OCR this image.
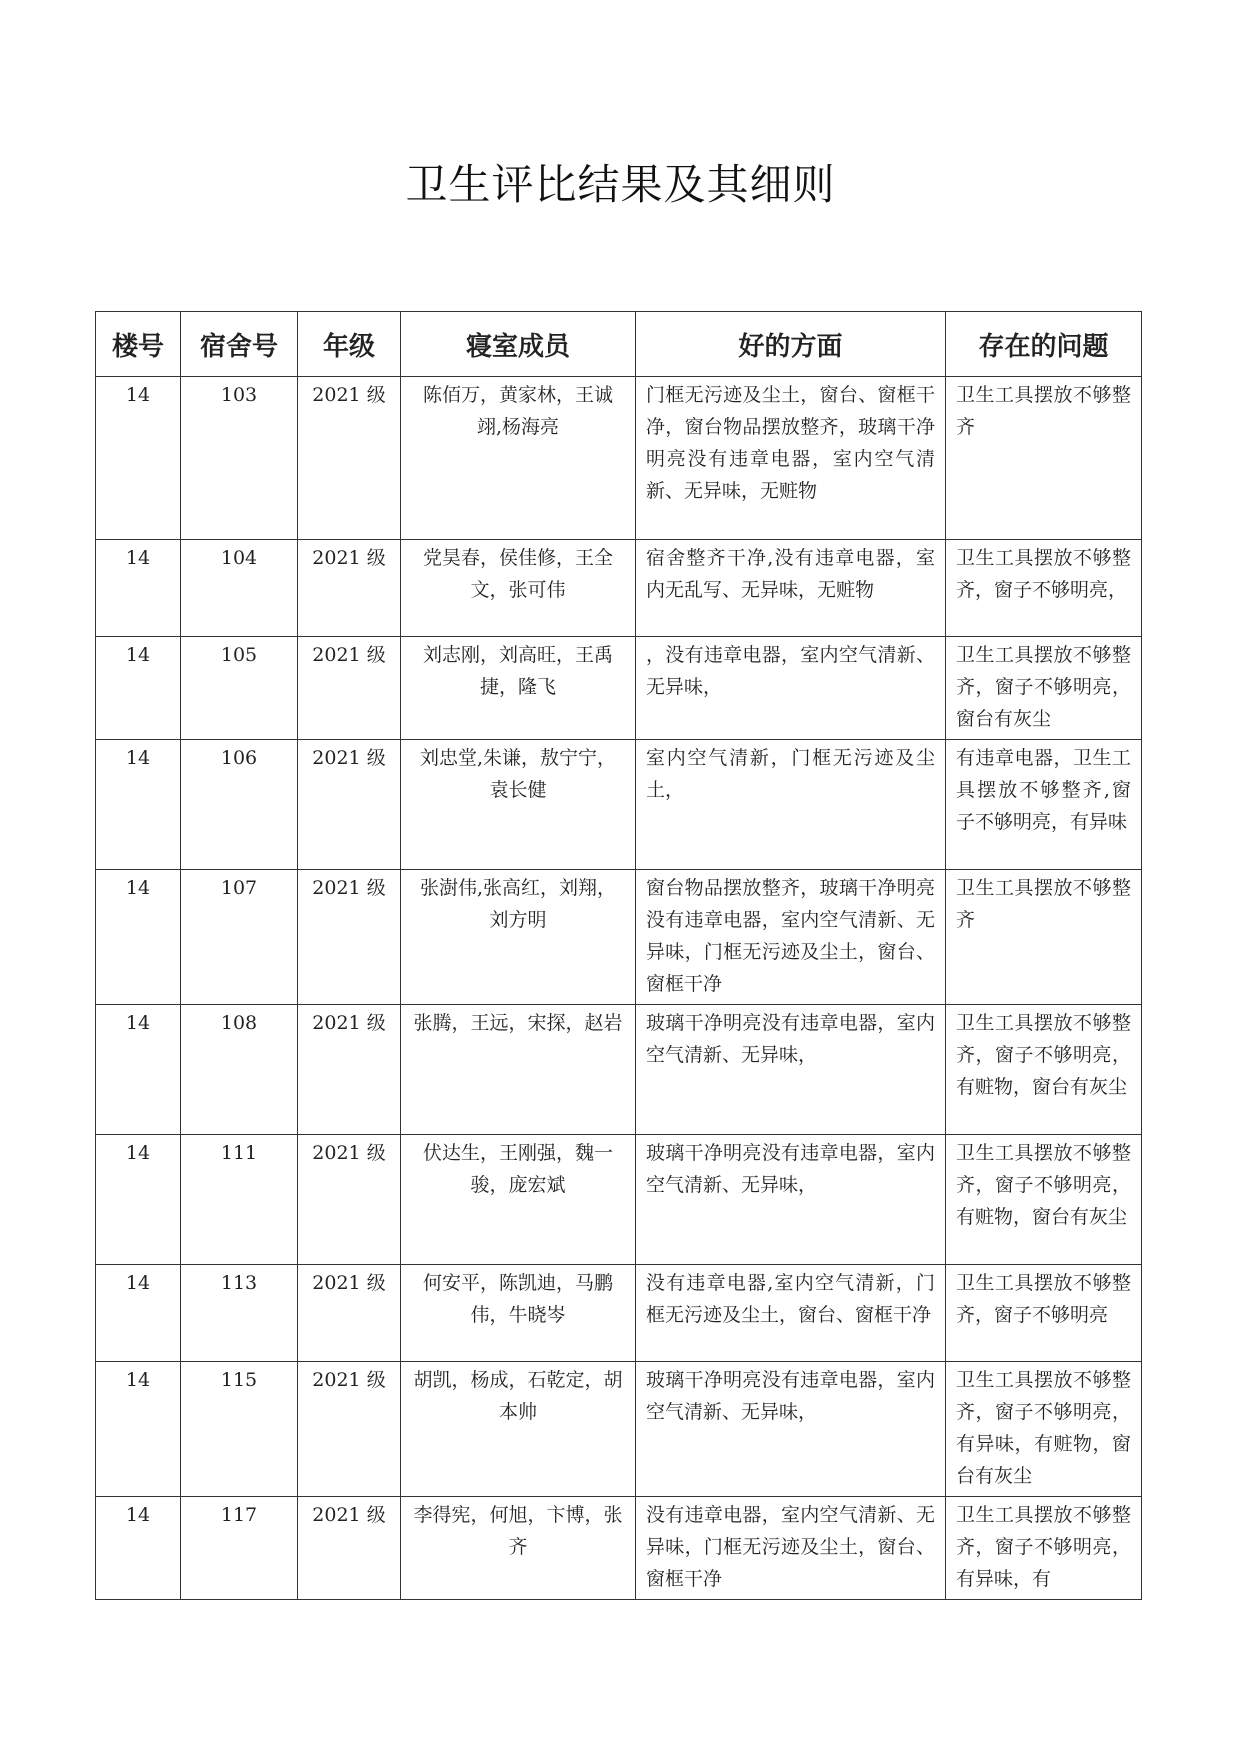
卫生评比结果及其细则
楼号	宿舍号	年级	寝室成员	好的方面	存在的问题
14	103	2021 级	陈佰万，黄家林，王诚翊,杨海亮	门框无污迹及尘土，窗台、窗框干净，窗台物品摆放整齐，玻璃干净明亮没有违章电器，室内空气清新、无异味，无赃物	卫生工具摆放不够整齐
14	104	2021 级	党昊春，侯佳修，王全文，张可伟	宿舍整齐干净,没有违章电器，室内无乱写、无异味，无赃物	卫生工具摆放不够整齐，窗子不够明亮，
14	105	2021 级	刘志刚，刘高旺，王禹捷，隆飞	，没有违章电器，室内空气清新、无异味，	卫生工具摆放不够整齐，窗子不够明亮，窗台有灰尘
14	106	2021 级	刘忠堂,朱谦，敖宁宁，袁长健	室内空气清新，门框无污迹及尘土，	有违章电器，卫生工具摆放不够整齐,窗子不够明亮，有异味
14	107	2021 级	张澍伟,张高红，刘翔，刘方明	窗台物品摆放整齐，玻璃干净明亮没有违章电器，室内空气清新、无异味，门框无污迹及尘土，窗台、窗框干净	卫生工具摆放不够整齐
14	108	2021 级	张腾，王远，宋探，赵岩	玻璃干净明亮没有违章电器，室内空气清新、无异味，	卫生工具摆放不够整齐，窗子不够明亮，有赃物，窗台有灰尘
14	111	2021 级	伏达生，王刚强，魏一骏，庞宏斌	玻璃干净明亮没有违章电器，室内空气清新、无异味，	卫生工具摆放不够整齐，窗子不够明亮，有赃物，窗台有灰尘
14	113	2021 级	何安平，陈凯迪，马鹏伟，牛晓岑	没有违章电器,室内空气清新，门框无污迹及尘土，窗台、窗框干净	卫生工具摆放不够整齐，窗子不够明亮
14	115	2021 级	胡凯，杨成，石乾定，胡本帅	玻璃干净明亮没有违章电器，室内空气清新、无异味，	卫生工具摆放不够整齐，窗子不够明亮，有异味，有赃物，窗台有灰尘
14	117	2021 级	李得宪，何旭，卞博，张齐	没有违章电器，室内空气清新、无异味，门框无污迹及尘土，窗台、窗框干净	卫生工具摆放不够整齐，窗子不够明亮，有异味，有
